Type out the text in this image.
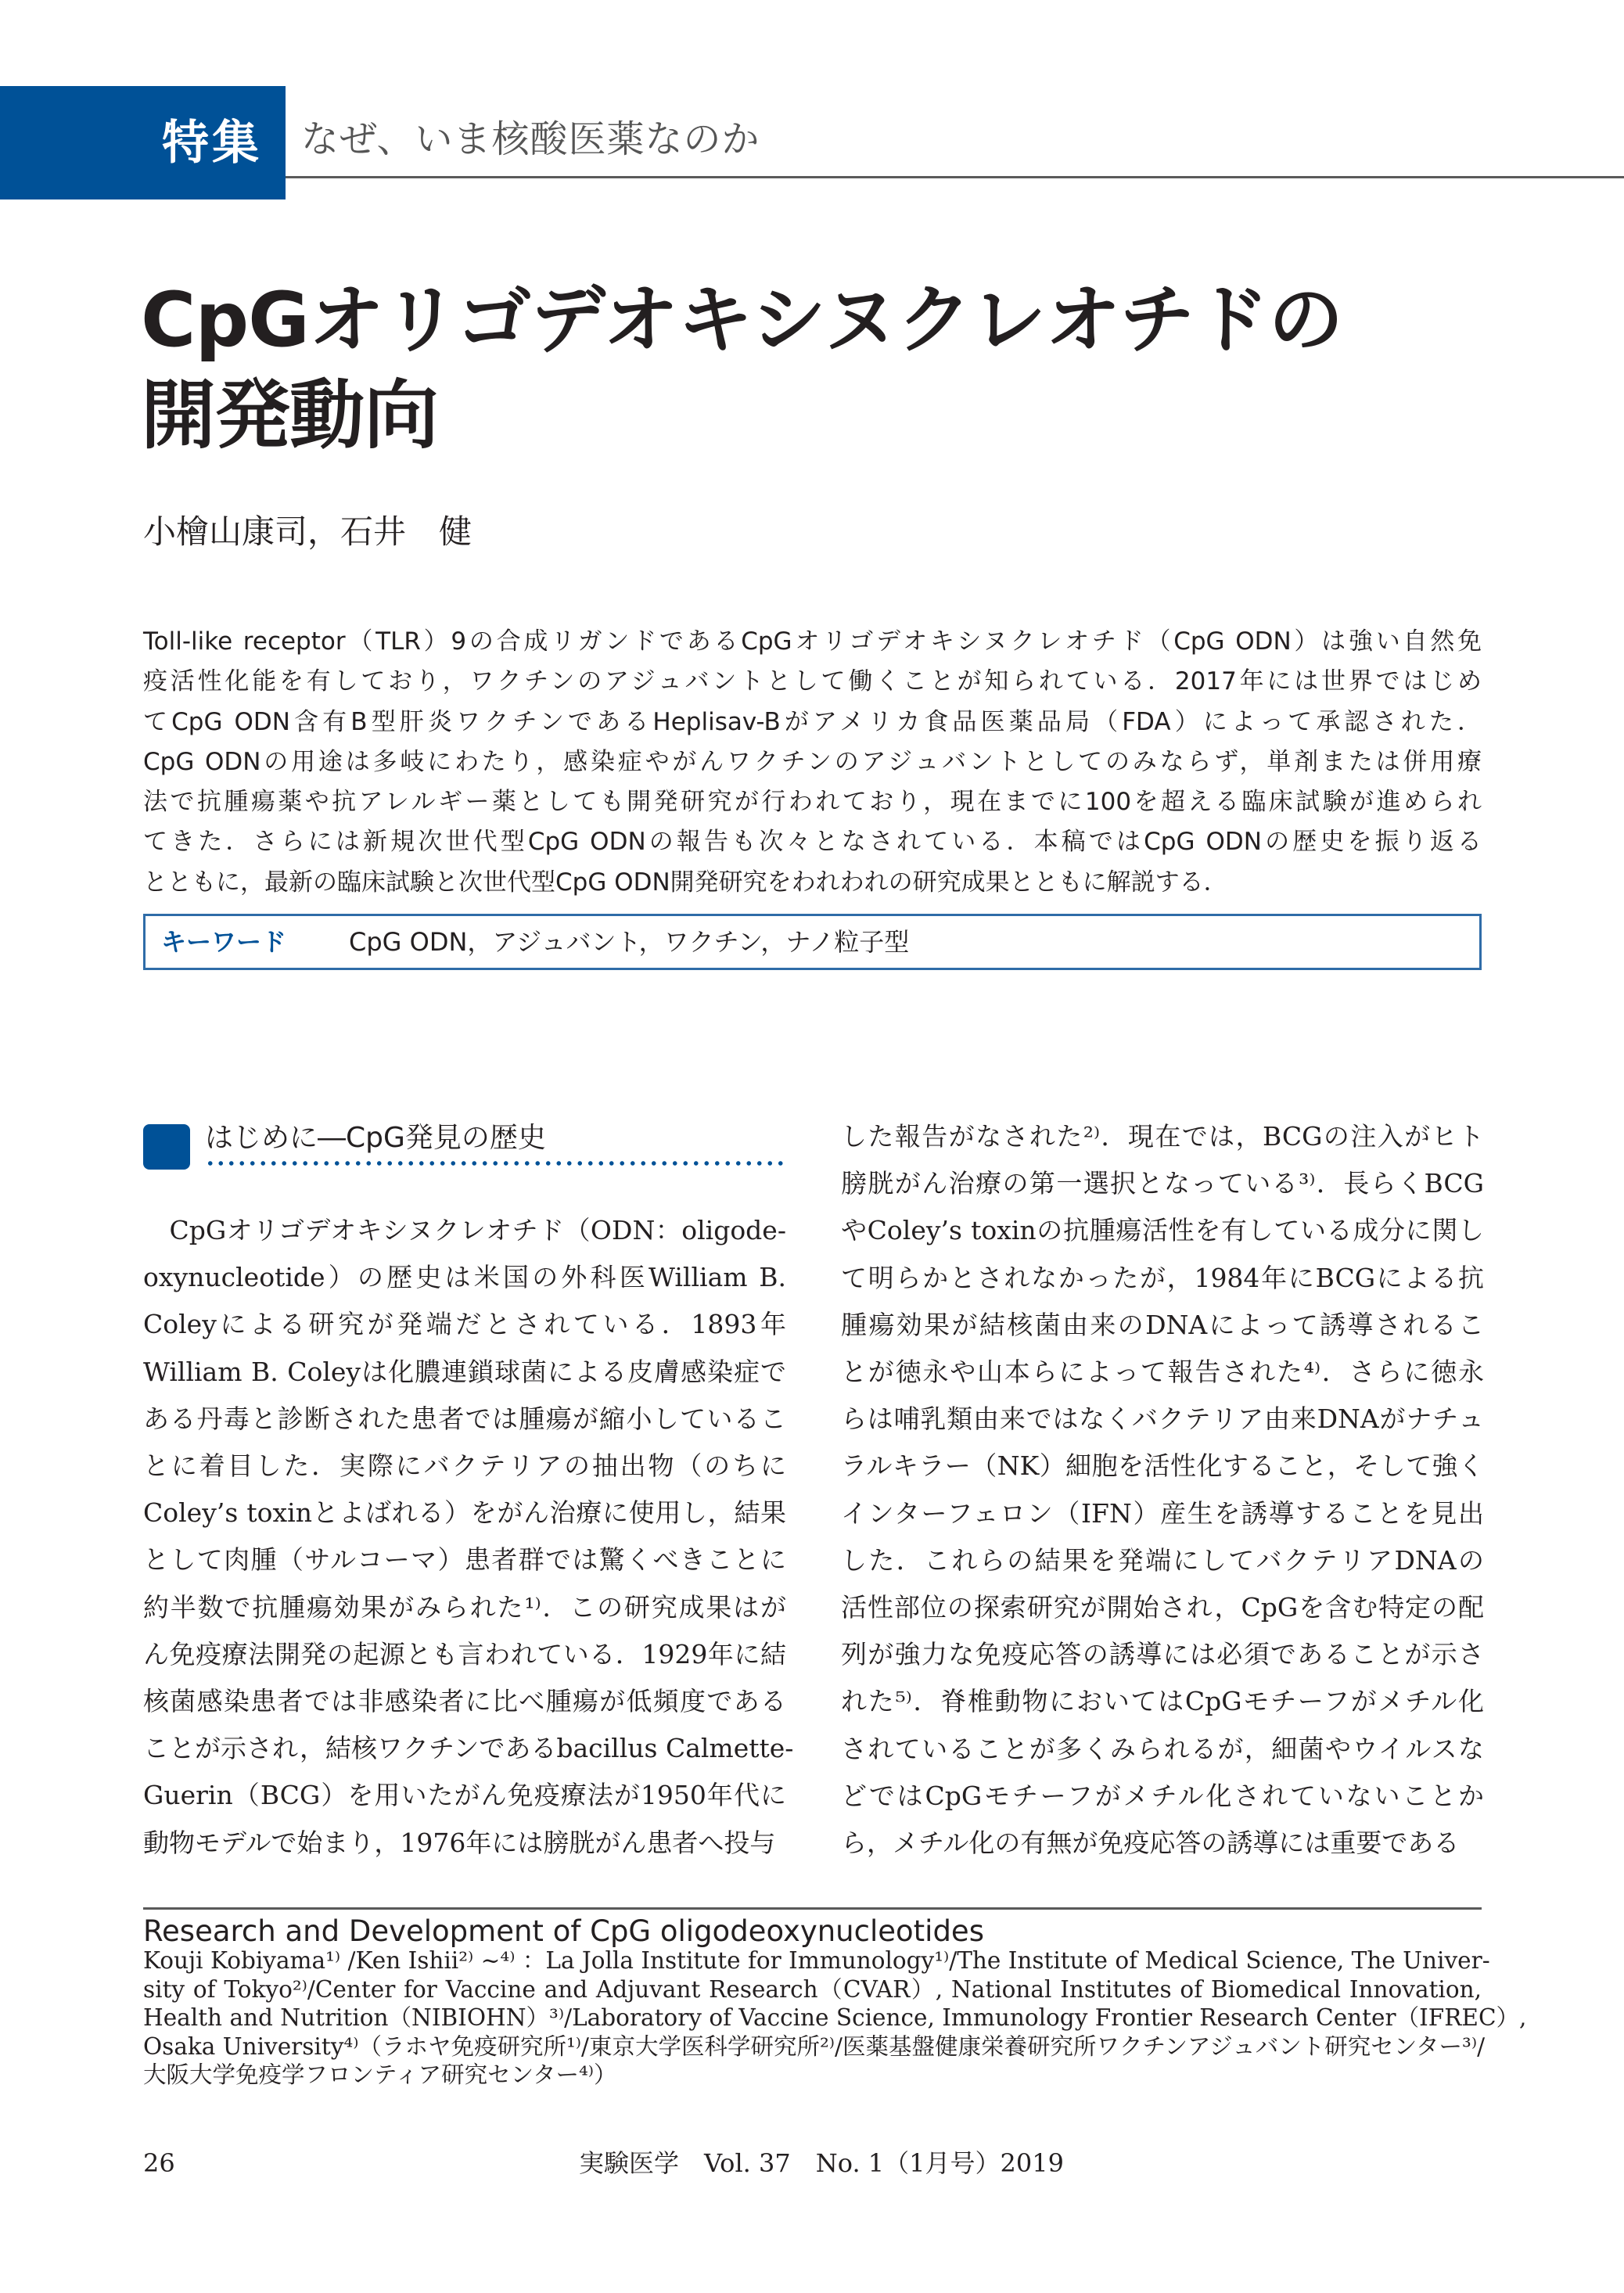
特集 なぜ、いま核酸医薬なのか
CpGオリゴデオキシヌクレオチドの
開発動向
小檜山康司，石井　健
Toll-like receptor（TLR）9の合成リガンドであるCpGオリゴデオキシヌクレオチド（CpG ODN）は強い自然免
疫活性化能を有しており，ワクチンのアジュバントとして働くことが知られている．2017年には世界ではじめ
てCpG ODN含有B型肝炎ワクチンであるHeplisav-Bがアメリカ食品医薬品局（FDA）によって承認された．
CpG ODNの用途は多岐にわたり，感染症やがんワクチンのアジュバントとしてのみならず，単剤または併用療
法で抗腫瘍薬や抗アレルギー薬としても開発研究が行われており，現在までに100を超える臨床試験が進められ
てきた．さらには新規次世代型CpG ODNの報告も次々となされている．本稿ではCpG ODNの歴史を振り返る
とともに，最新の臨床試験と次世代型CpG ODN開発研究をわれわれの研究成果とともに解説する．
キーワード CpG ODN，アジュバント，ワクチン，ナノ粒子型
はじめに―CpG発見の歴史
　CpGオリゴデオキシヌクレオチド（ODN：oligode-
oxynucleotide）の歴史は米国の外科医William B.
Coleyによる研究が発端だとされている．1893年
William B. Coleyは化膿連鎖球菌による皮膚感染症で
ある丹毒と診断された患者では腫瘍が縮小しているこ
とに着目した．実際にバクテリアの抽出物（のちに
Coley’s toxinとよばれる）をがん治療に使用し，結果
として肉腫（サルコーマ）患者群では驚くべきことに
約半数で抗腫瘍効果がみられた¹⁾．この研究成果はが
ん免疫療法開発の起源とも言われている．1929年に結
核菌感染患者では非感染者に比べ腫瘍が低頻度である
ことが示され，結核ワクチンであるbacillus Calmette-
Guerin（BCG）を用いたがん免疫療法が1950年代に
動物モデルで始まり，1976年には膀胱がん患者へ投与
した報告がなされた²⁾．現在では，BCGの注入がヒト
膀胱がん治療の第一選択となっている³⁾．長らくBCG
やColey’s toxinの抗腫瘍活性を有している成分に関し
て明らかとされなかったが，1984年にBCGによる抗
腫瘍効果が結核菌由来のDNAによって誘導されるこ
とが徳永や山本らによって報告された⁴⁾．さらに徳永
らは哺乳類由来ではなくバクテリア由来DNAがナチュ
ラルキラー（NK）細胞を活性化すること，そして強く
インターフェロン（IFN）産生を誘導することを見出
した．これらの結果を発端にしてバクテリアDNAの
活性部位の探索研究が開始され，CpGを含む特定の配
列が強力な免疫応答の誘導には必須であることが示さ
れた⁵⁾．脊椎動物においてはCpGモチーフがメチル化
されていることが多くみられるが，細菌やウイルスな
どではCpGモチーフがメチル化されていないことか
ら，メチル化の有無が免疫応答の誘導には重要である
Research and Development of CpG oligodeoxynucleotides
Kouji Kobiyama¹⁾ /Ken Ishii²⁾ ~⁴⁾ ：La Jolla Institute for Immunology¹⁾/The Institute of Medical Science, The Univer-
sity of Tokyo²⁾/Center for Vaccine and Adjuvant Research（CVAR）, National Institutes of Biomedical Innovation,
Health and Nutrition（NIBIOHN）³⁾/Laboratory of Vaccine Science, Immunology Frontier Research Center（IFREC）,
Osaka University⁴⁾（ラホヤ免疫研究所¹⁾/東京大学医科学研究所²⁾/医薬基盤健康栄養研究所ワクチンアジュバント研究センター³⁾/
大阪大学免疫学フロンティア研究センター⁴⁾）
26	実験医学　Vol. 37　No. 1（1月号）2019
